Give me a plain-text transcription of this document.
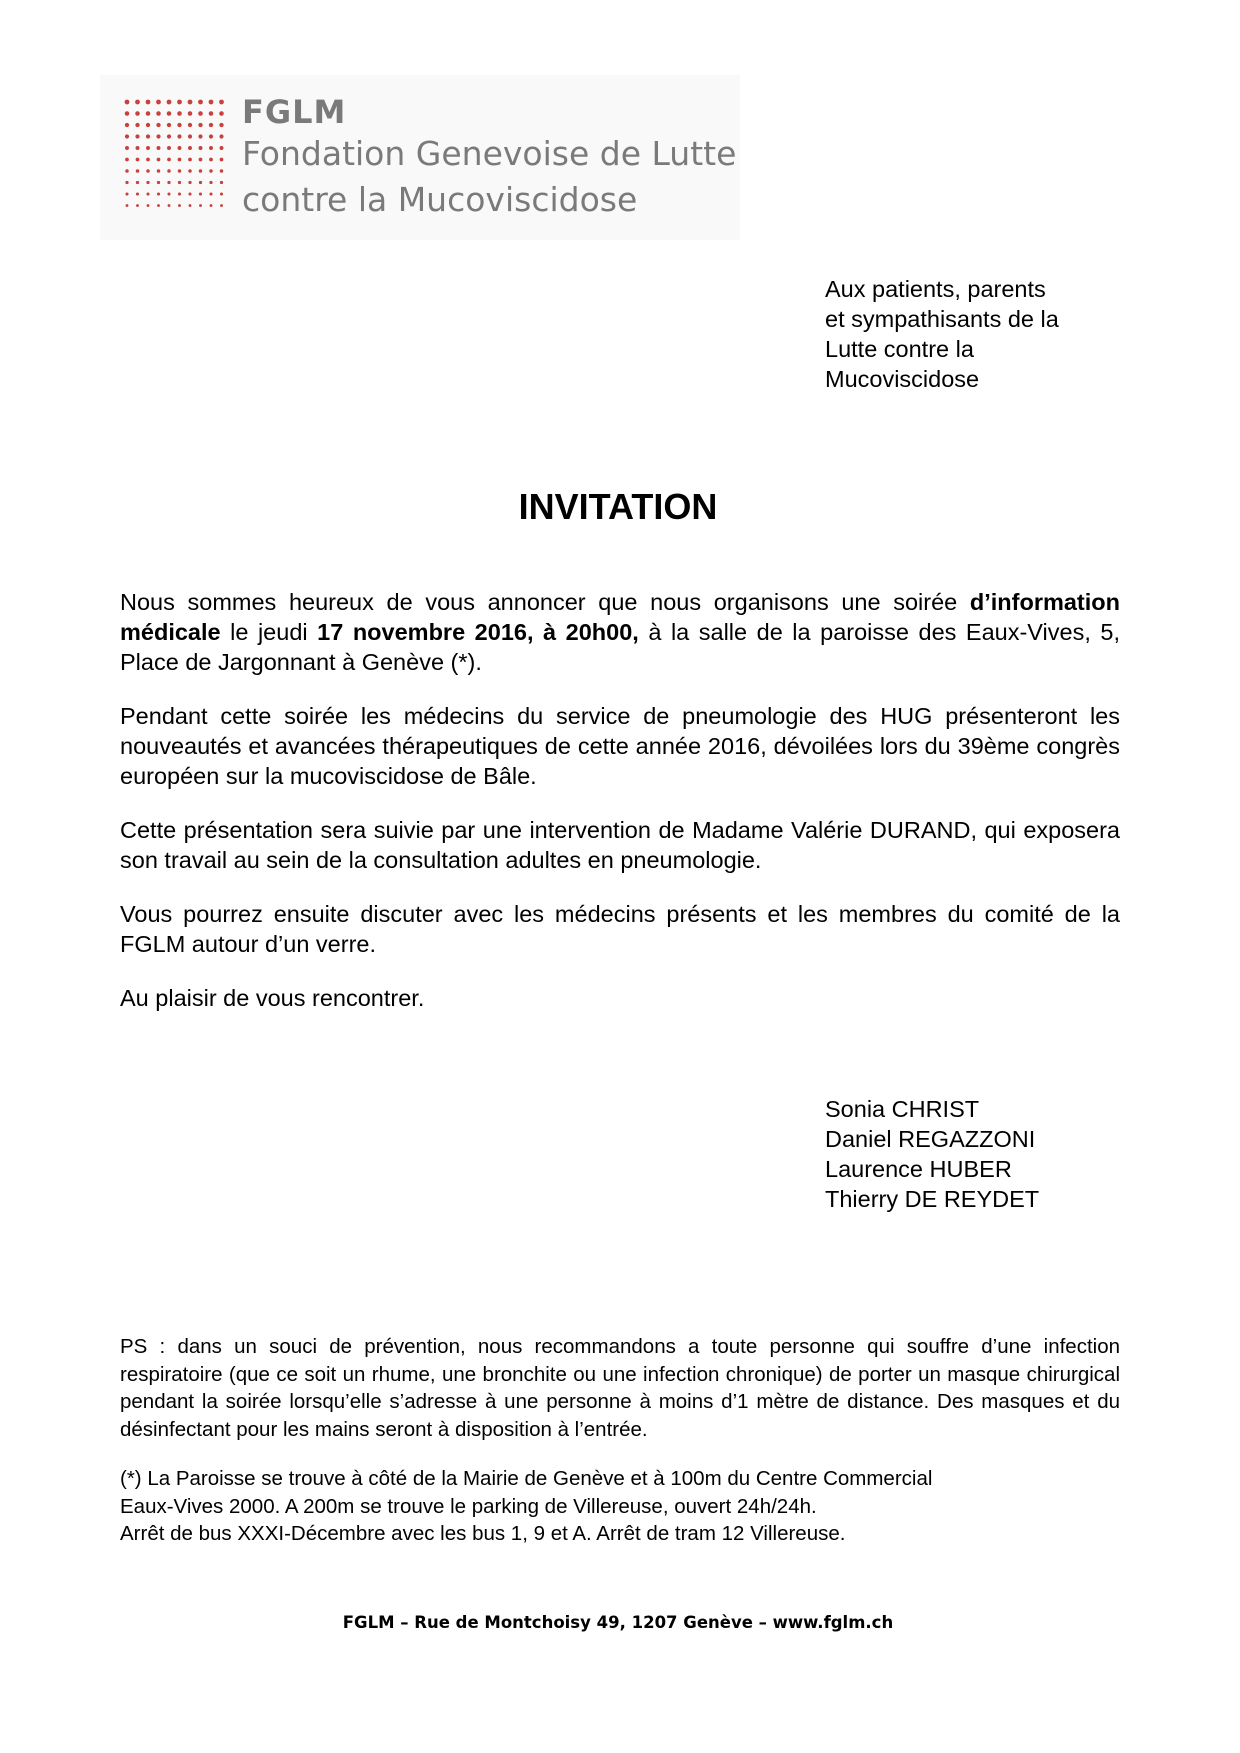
FGLM
Fondation Genevoise de Lutte
contre la Mucoviscidose
Aux patients, parents
et sympathisants de la
Lutte contre la
Mucoviscidose
INVITATION

Nous sommes heureux de vous annoncer que nous organisons une soirée d’information médicale le jeudi 17 novembre 2016, à 20h00, à la salle de la paroisse des Eaux-Vives, 5, Place de Jargonnant à Genève (*).

Pendant cette soirée les médecins du service de pneumologie des HUG présenteront les nouveautés et avancées thérapeutiques de cette année 2016, dévoilées lors du 39ème congrès européen sur la mucoviscidose de Bâle.

Cette présentation sera suivie par une intervention de Madame Valérie DURAND, qui exposera son travail au sein de la consultation adultes en pneumologie.

Vous pourrez ensuite discuter avec les médecins présents et les membres du comité de la FGLM autour d’un verre.

Au plaisir de vous rencontrer.

Sonia CHRIST
Daniel REGAZZONI
Laurence HUBER
Thierry DE REYDET

PS : dans un souci de prévention, nous recommandons a toute personne qui souffre d’une infection respiratoire (que ce soit un rhume, une bronchite ou une infection chronique) de porter un masque chirurgical pendant la soirée lorsqu’elle s’adresse à une personne à moins d’1 mètre de distance. Des masques et du désinfectant pour les mains seront à disposition à l’entrée.

(*) La Paroisse se trouve à côté de la Mairie de Genève et à 100m du Centre Commercial
Eaux-Vives 2000. A 200m se trouve le parking de Villereuse, ouvert 24h/24h.
Arrêt de bus XXXI-Décembre avec les bus 1, 9 et A. Arrêt de tram 12 Villereuse.
FGLM – Rue de Montchoisy 49, 1207 Genève – www.fglm.ch
